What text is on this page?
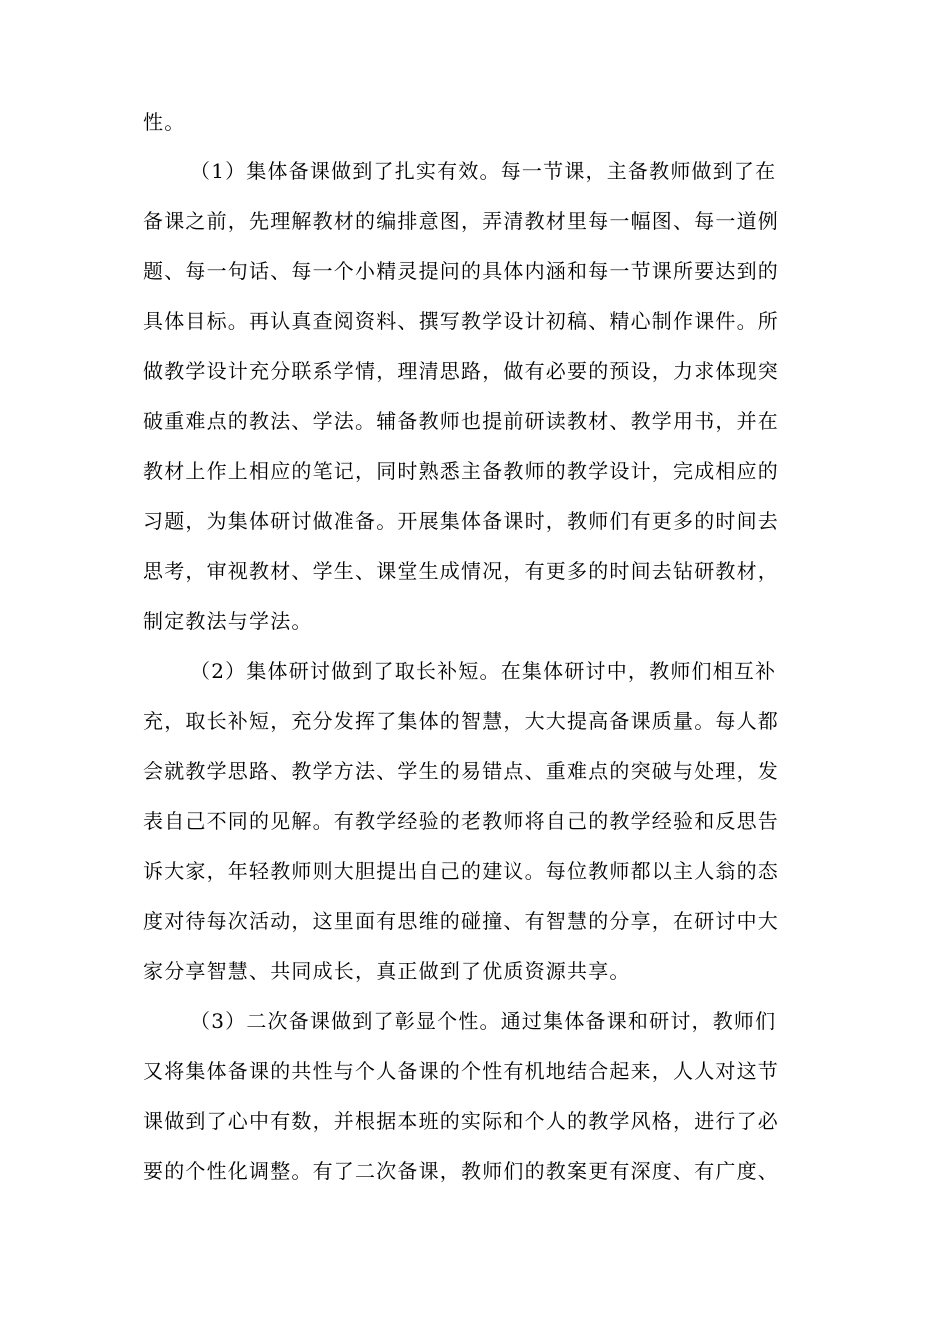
性。
（1）集体备课做到了扎实有效。每一节课，主备教师做到了在
备课之前，先理解教材的编排意图，弄清教材里每一幅图、每一道例
题、每一句话、每一个小精灵提问的具体内涵和每一节课所要达到的
具体目标。再认真查阅资料、撰写教学设计初稿、精心制作课件。所
做教学设计充分联系学情，理清思路，做有必要的预设，力求体现突
破重难点的教法、学法。辅备教师也提前研读教材、教学用书，并在
教材上作上相应的笔记，同时熟悉主备教师的教学设计，完成相应的
习题，为集体研讨做准备。开展集体备课时，教师们有更多的时间去
思考，审视教材、学生、课堂生成情况，有更多的时间去钻研教材，
制定教法与学法。
（2）集体研讨做到了取长补短。在集体研讨中，教师们相互补
充，取长补短，充分发挥了集体的智慧，大大提高备课质量。每人都
会就教学思路、教学方法、学生的易错点、重难点的突破与处理，发
表自己不同的见解。有教学经验的老教师将自己的教学经验和反思告
诉大家，年轻教师则大胆提出自己的建议。每位教师都以主人翁的态
度对待每次活动，这里面有思维的碰撞、有智慧的分享，在研讨中大
家分享智慧、共同成长，真正做到了优质资源共享。
（3）二次备课做到了彰显个性。通过集体备课和研讨，教师们
又将集体备课的共性与个人备课的个性有机地结合起来，人人对这节
课做到了心中有数，并根据本班的实际和个人的教学风格，进行了必
要的个性化调整。有了二次备课，教师们的教案更有深度、有广度、
